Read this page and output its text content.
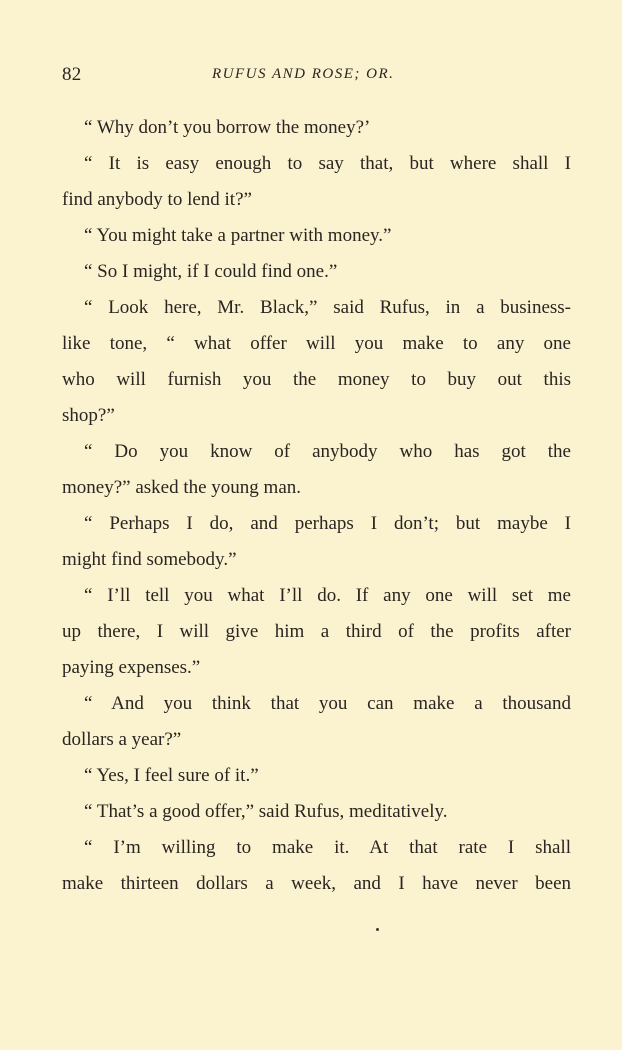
82	RUFUS AND ROSE; OR.
“ Why don’t you borrow the money?’
“ It is easy enough to say that, but where shall I
find anybody to lend it?”
“ You might take a partner with money.”
“ So I might, if I could find one.”
“ Look here, Mr. Black,” said Rufus, in a business-
like tone, “ what offer will you make to any one
who will furnish you the money to buy out this
shop?”
“ Do you know of anybody who has got the
money?” asked the young man.
“ Perhaps I do, and perhaps I don’t; but maybe I
might find somebody.”
“ I’ll tell you what I’ll do. If any one will set me
up there, I will give him a third of the profits after
paying expenses.”
“ And you think that you can make a thousand
dollars a year?”
“ Yes, I feel sure of it.”
“ That’s a good offer,” said Rufus, meditatively.
“ I’m willing to make it. At that rate I shall
make thirteen dollars a week, and I have never been
